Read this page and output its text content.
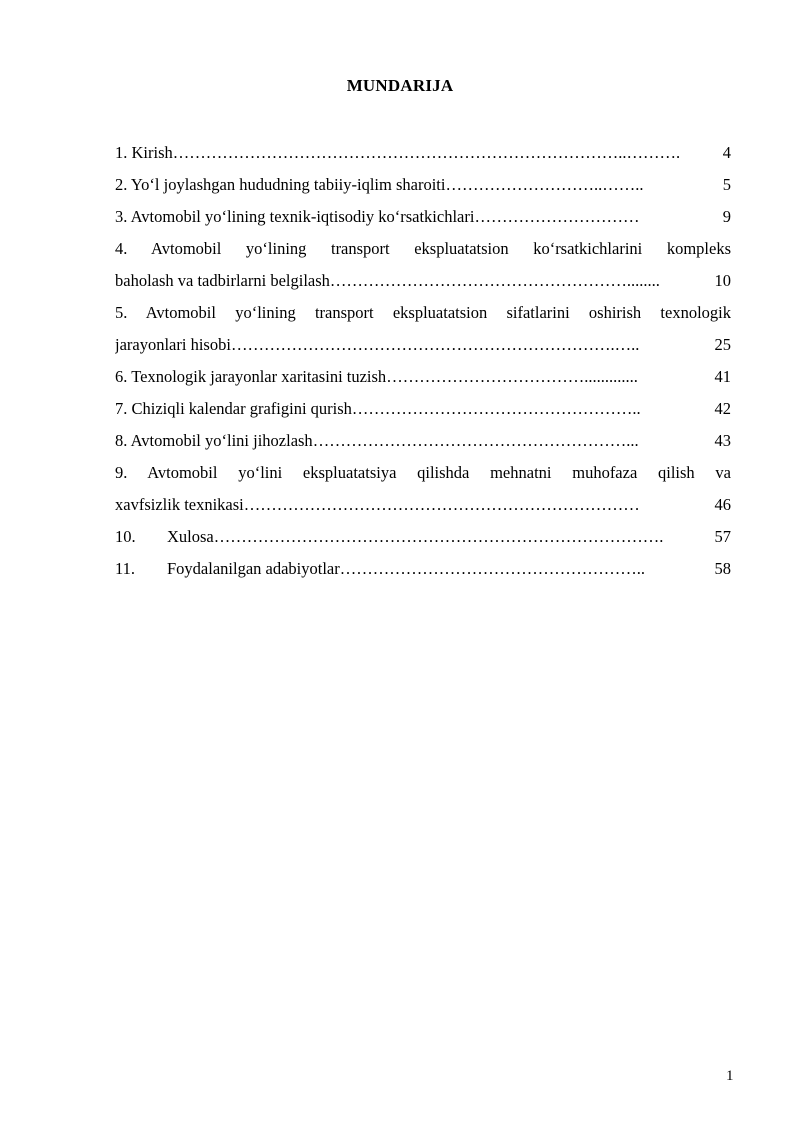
MUNDARIJA
1. Kirish ………………………………………………………………………..……….	4
2. Yo‘l joylashgan hududning tabiiy-iqlim sharoiti ………………………..……..	5
3. Avtomobil yo‘lining texnik-iqtisodiy ko‘rsatkichlari …………………………	9
4. Avtomobil yo‘lining transport ekspluatatsion ko‘rsatkichlarini kompleks
baholash va tadbirlarni belgilash ………………………………………………........	10
5. Avtomobil yo‘lining transport ekspluatatsion sifatlarini oshirish texnologik
jarayonlari hisobi …………………………………………………………….…..	25
6. Texnologik jarayonlar xaritasini tuzish ……………………………….............	41
7. Chiziqli kalendar grafigini qurish ……………………………………………..	42
8. Avtomobil yo‘lini jihozlash …………………………………………………...	43
9. Avtomobil yo‘lini ekspluatatsiya qilishda mehnatni muhofaza qilish va
xavfsizlik texnikasi ………………………………………………………………	46
10.	Xulosa ……………………………………………………………………….	57
11.	Foydalanilgan adabiyotlar ………………………………………………..	58
1
